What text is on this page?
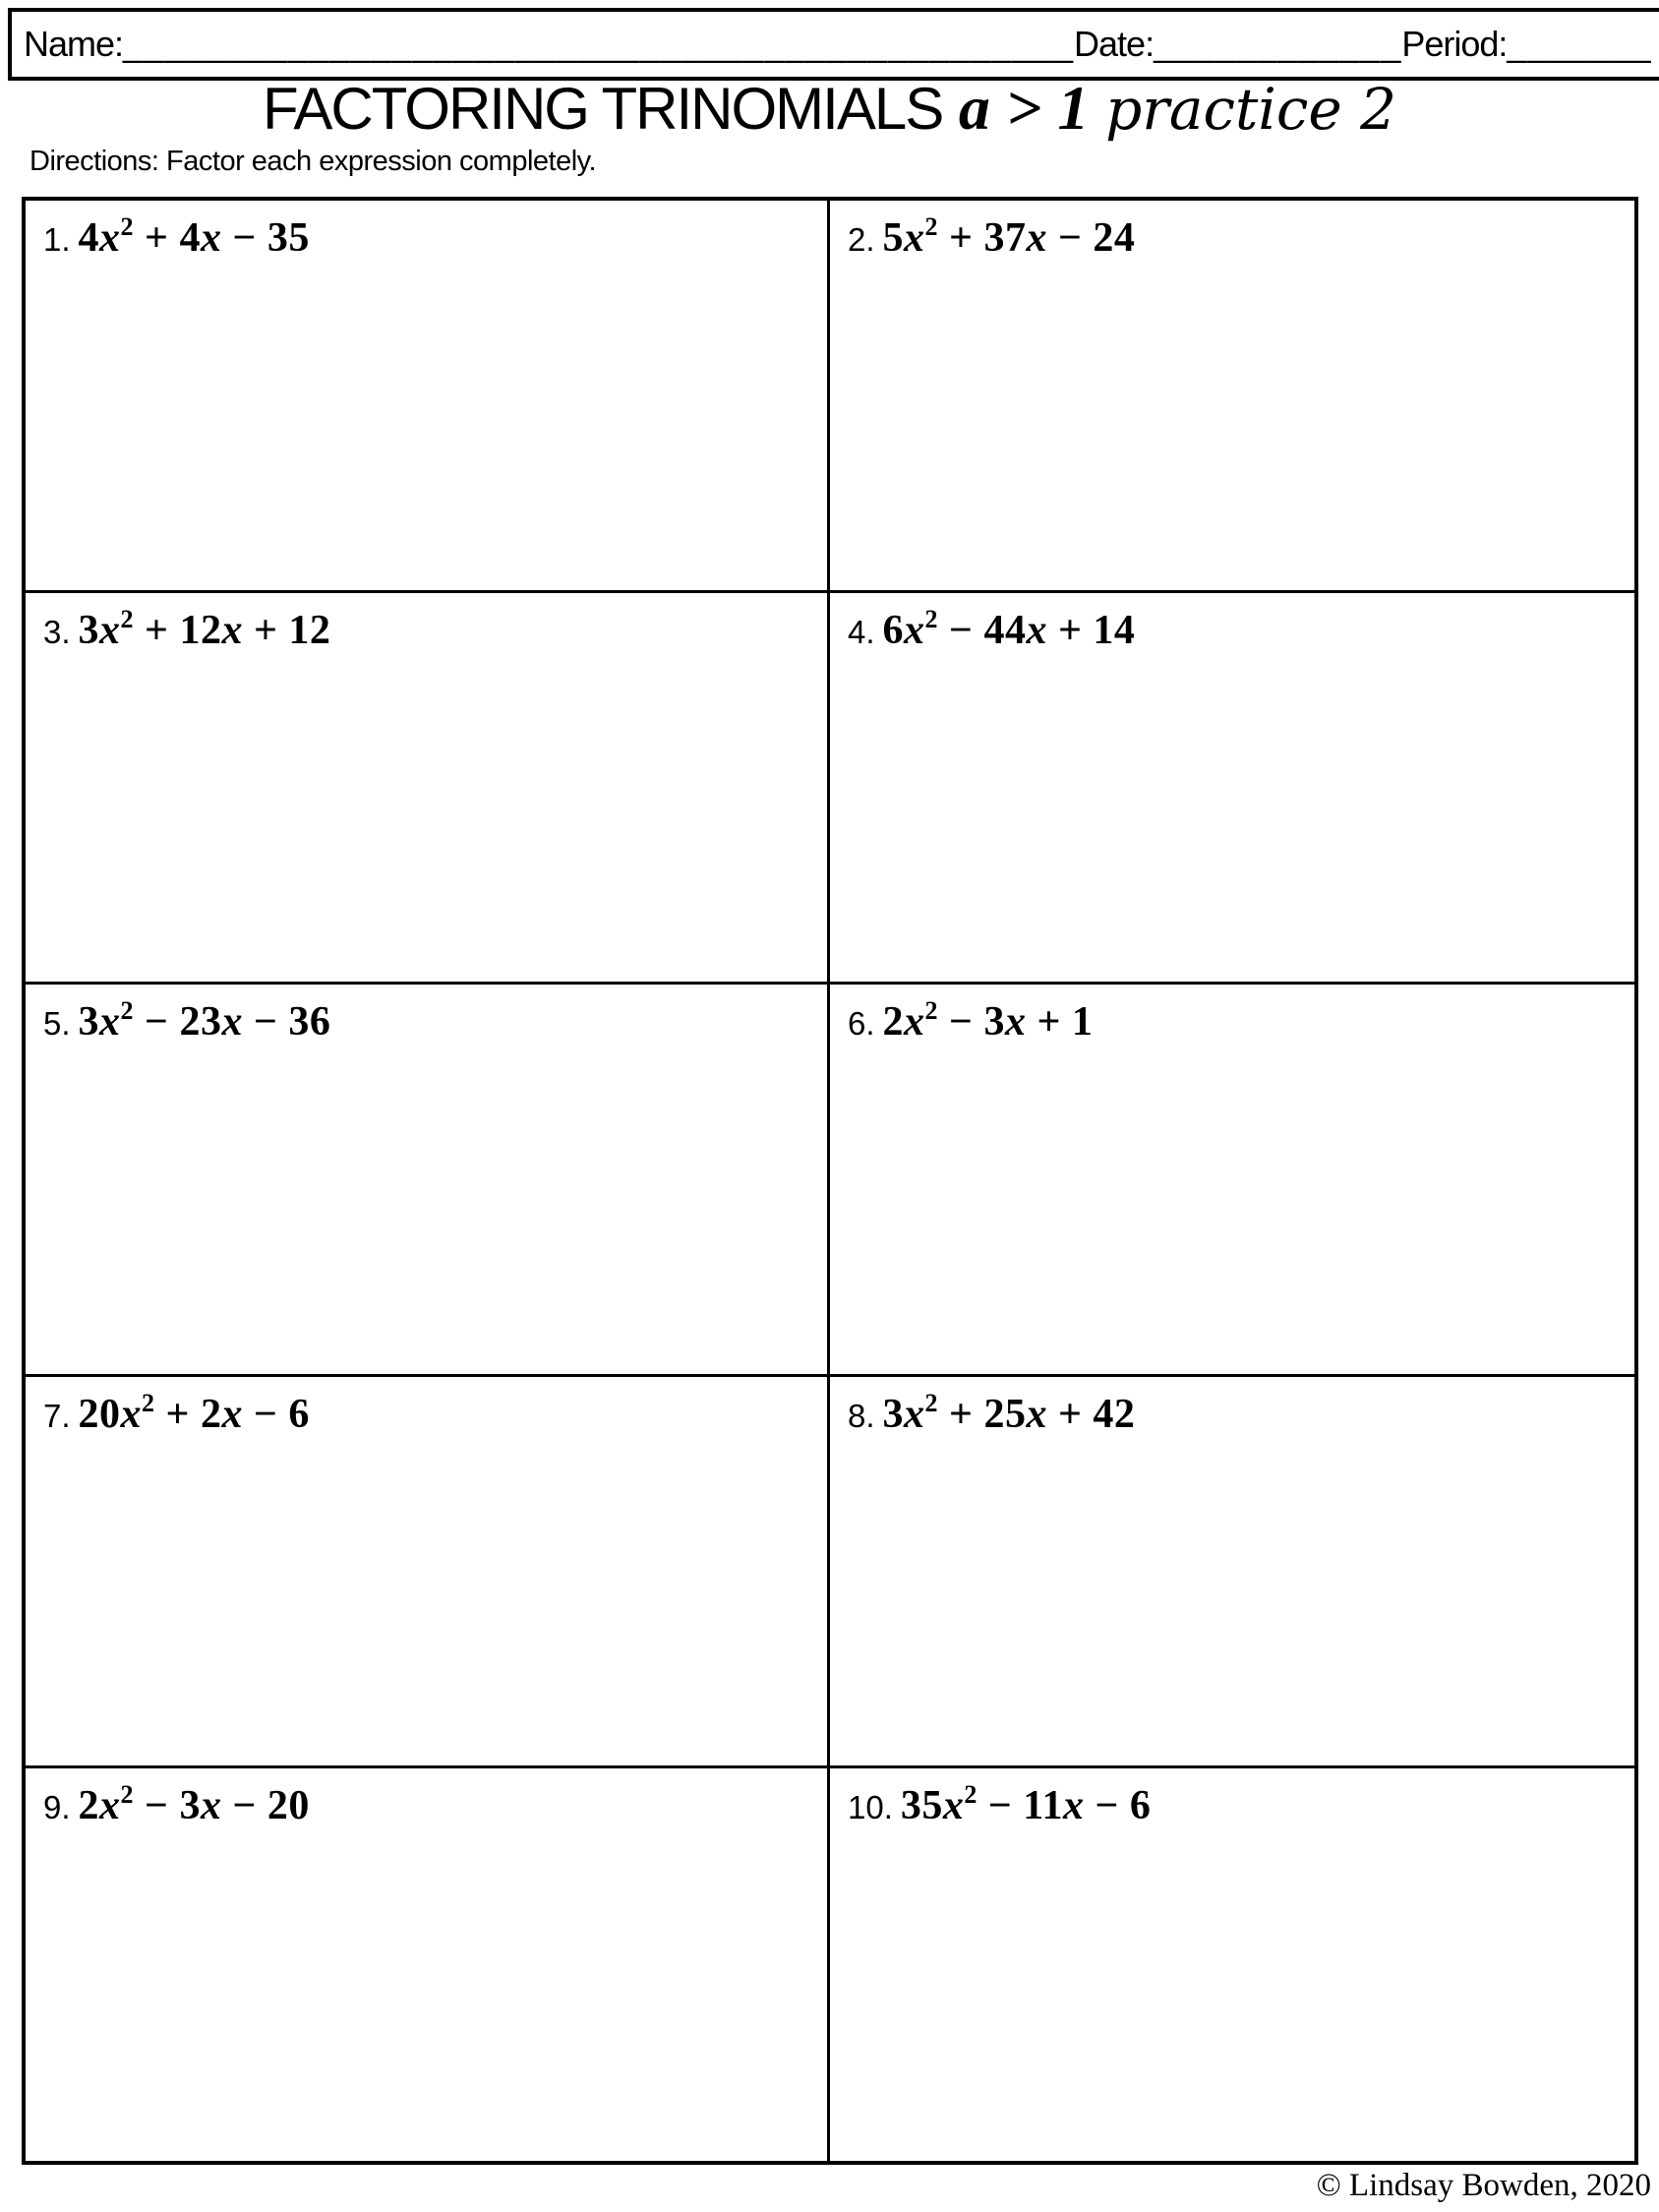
Name:______________________________________________Date:____________Period:_______
FACTORING TRINOMIALS a > 1 practice 2
Directions: Factor each expression completely.
1. $4x^2 + 4x - 35$	2. $5x^2 + 37x - 24$
3. $3x^2 + 12x + 12$	4. $6x^2 - 44x + 14$
5. $3x^2 - 23x - 36$	6. $2x^2 - 3x + 1$
7. $20x^2 + 2x - 6$	8. $3x^2 + 25x + 42$
9. $2x^2 - 3x - 20$	10. $35x^2 - 11x - 6$
© Lindsay Bowden, 2020
